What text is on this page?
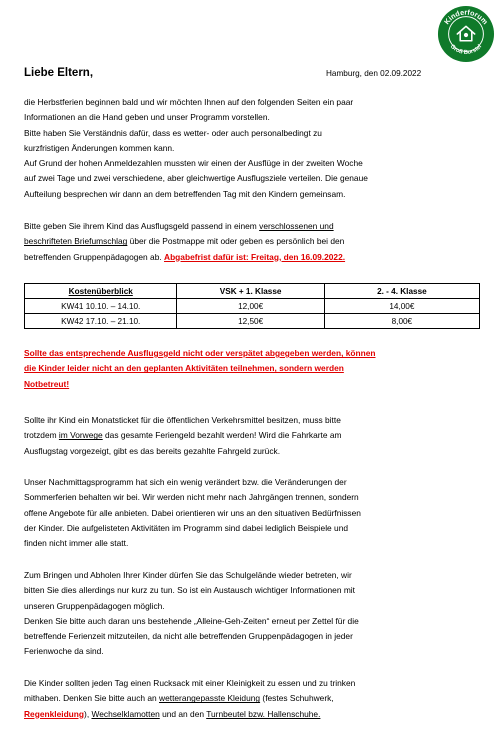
Kinderforum
Groß Borstel
Liebe Eltern,	Hamburg, den 02.09.2022
die Herbstferien beginnen bald und wir möchten Ihnen auf den folgenden Seiten ein paar
Informationen an die Hand geben und unser Programm vorstellen.
Bitte haben Sie Verständnis dafür, dass es wetter- oder auch personalbedingt zu
kurzfristigen Änderungen kommen kann.
Auf Grund der hohen Anmeldezahlen mussten wir einen der Ausflüge in der zweiten Woche
auf zwei Tage und zwei verschiedene, aber gleichwertige Ausflugsziele verteilen. Die genaue
Aufteilung besprechen wir dann an dem betreffenden Tag mit den Kindern gemeinsam.
Bitte geben Sie ihrem Kind das Ausflugsgeld passend in einem verschlossenen und
beschrifteten Briefumschlag über die Postmappe mit oder geben es persönlich bei den
betreffenden Gruppenpädagogen ab. Abgabefrist dafür ist: Freitag, den 16.09.2022.
Kostenüberblick	VSK + 1. Klasse	2. - 4. Klasse
KW41 10.10. – 14.10.	12,00€	14,00€
KW42 17.10. – 21.10.	12,50€	8,00€
Sollte das entsprechende Ausflugsgeld nicht oder verspätet abgegeben werden, können
die Kinder leider nicht an den geplanten Aktivitäten teilnehmen, sondern werden
Notbetreut!
Sollte ihr Kind ein Monatsticket für die öffentlichen Verkehrsmittel besitzen, muss bitte
trotzdem im Vorwege das gesamte Feriengeld bezahlt werden! Wird die Fahrkarte am
Ausflugstag vorgezeigt, gibt es das bereits gezahlte Fahrgeld zurück.
Unser Nachmittagsprogramm hat sich ein wenig verändert bzw. die Veränderungen der
Sommerferien behalten wir bei. Wir werden nicht mehr nach Jahrgängen trennen, sondern
offene Angebote für alle anbieten. Dabei orientieren wir uns an den situativen Bedürfnissen
der Kinder. Die aufgelisteten Aktivitäten im Programm sind dabei lediglich Beispiele und
finden nicht immer alle statt.
Zum Bringen und Abholen Ihrer Kinder dürfen Sie das Schulgelände wieder betreten, wir
bitten Sie dies allerdings nur kurz zu tun. So ist ein Austausch wichtiger Informationen mit
unseren Gruppenpädagogen möglich.
Denken Sie bitte auch daran uns bestehende „Alleine-Geh-Zeiten“ erneut per Zettel für die
betreffende Ferienzeit mitzuteilen, da nicht alle betreffenden Gruppenpädagogen in jeder
Ferienwoche da sind.
Die Kinder sollten jeden Tag einen Rucksack mit einer Kleinigkeit zu essen und zu trinken
mithaben. Denken Sie bitte auch an wetterangepasste Kleidung (festes Schuhwerk,
Regenkleidung), Wechselklamotten und an den Turnbeutel bzw. Hallenschuhe.
